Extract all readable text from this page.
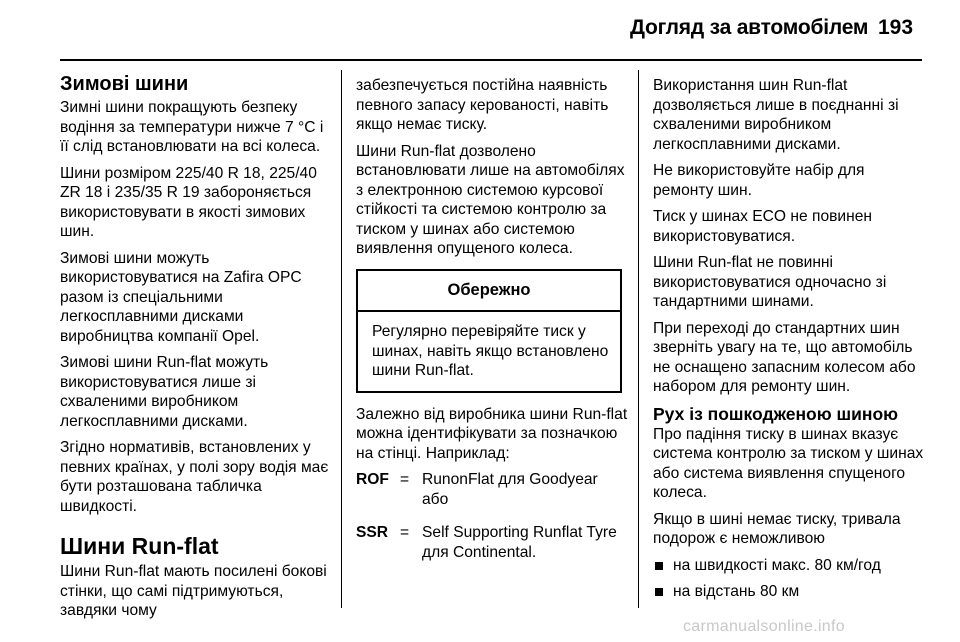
Догляд за автомобілем 193
Зимові шини

Зимні шини покращують безпеку водіння за температури нижче 7 °C і її слід встановлювати на всі колеса.

Шини розміром 225/40 R 18, 225/40 ZR 18 і 235/35 R 19 забороняється використовувати в якості зимових шин.

Зимові шини можуть використовуватися на Zafira OPC разом із спеціальними легкосплавними дисками виробництва компанії Opel.

Зимові шини Run-flat можуть використовуватися лише зі схваленими виробником легкосплавними дисками.

Згідно нормативів, встановлених у певних країнах, у полі зору водія має бути розташована табличка швидкості.

Шини Run-flat

Шини Run-flat мають посилені бокові стінки, що самі підтримуються, завдяки чому

забезпечується постійна наявність певного запасу керованості, навіть якщо немає тиску.

Шини Run-flat дозволено встановлювати лише на автомобілях з електронною системою курсової стійкості та системою контролю за тиском у шинах або системою виявлення опущеного колеса.

Обережно
Регулярно перевіряйте тиск у шинах, навіть якщо встановлено шини Run-flat.

Залежно від виробника шини Run-flat можна ідентифікувати за позначкою на стінці. Наприклад:

ROF = RunonFlat для Goodyear або
SSR = Self Supporting Runflat Tyre для Continental.

Використання шин Run-flat дозволяється лише в поєднанні зі схваленими виробником легкосплавними дисками.

Не використовуйте набір для ремонту шин.

Тиск у шинах ECO не повинен використовуватися.

Шини Run-flat не повинні використовуватися одночасно зі тандартними шинами.

При переході до стандартних шин зверніть увагу на те, що автомобіль не оснащено запасним колесом або набором для ремонту шин.

Рух із пошкодженою шиною

Про падіння тиску в шинах вказує система контролю за тиском у шинах або система виявлення спущеного колеса.

Якщо в шині немає тиску, тривала подорож є неможливою

на швидкості макс. 80 км/год
на відстань 80 км
carmanualsonline.info
